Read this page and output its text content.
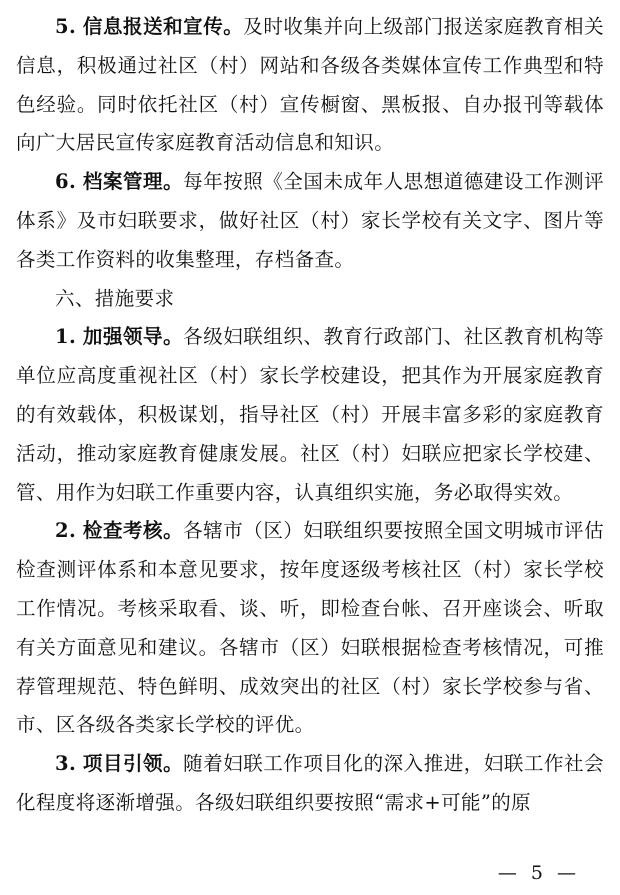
5. 信息报送和宣传。及时收集并向上级部门报送家庭教育相关信息，积极通过社区（村）网站和各级各类媒体宣传工作典型和特色经验。同时依托社区（村）宣传橱窗、黑板报、自办报刊等载体向广大居民宣传家庭教育活动信息和知识。

6. 档案管理。每年按照《全国未成年人思想道德建设工作测评体系》及市妇联要求，做好社区（村）家长学校有关文字、图片等各类工作资料的收集整理，存档备查。

六、措施要求

1. 加强领导。各级妇联组织、教育行政部门、社区教育机构等单位应高度重视社区（村）家长学校建设，把其作为开展家庭教育的有效载体，积极谋划，指导社区（村）开展丰富多彩的家庭教育活动，推动家庭教育健康发展。社区（村）妇联应把家长学校建、管、用作为妇联工作重要内容，认真组织实施，务必取得实效。

2. 检查考核。各辖市（区）妇联组织要按照全国文明城市评估检查测评体系和本意见要求，按年度逐级考核社区（村）家长学校工作情况。考核采取看、谈、听，即检查台帐、召开座谈会、听取有关方面意见和建议。各辖市（区）妇联根据检查考核情况，可推荐管理规范、特色鲜明、成效突出的社区（村）家长学校参与省、市、区各级各类家长学校的评优。

3. 项目引领。随着妇联工作项目化的深入推进，妇联工作社会化程度将逐渐增强。各级妇联组织要按照“需求+可能”的原

— 5 —
